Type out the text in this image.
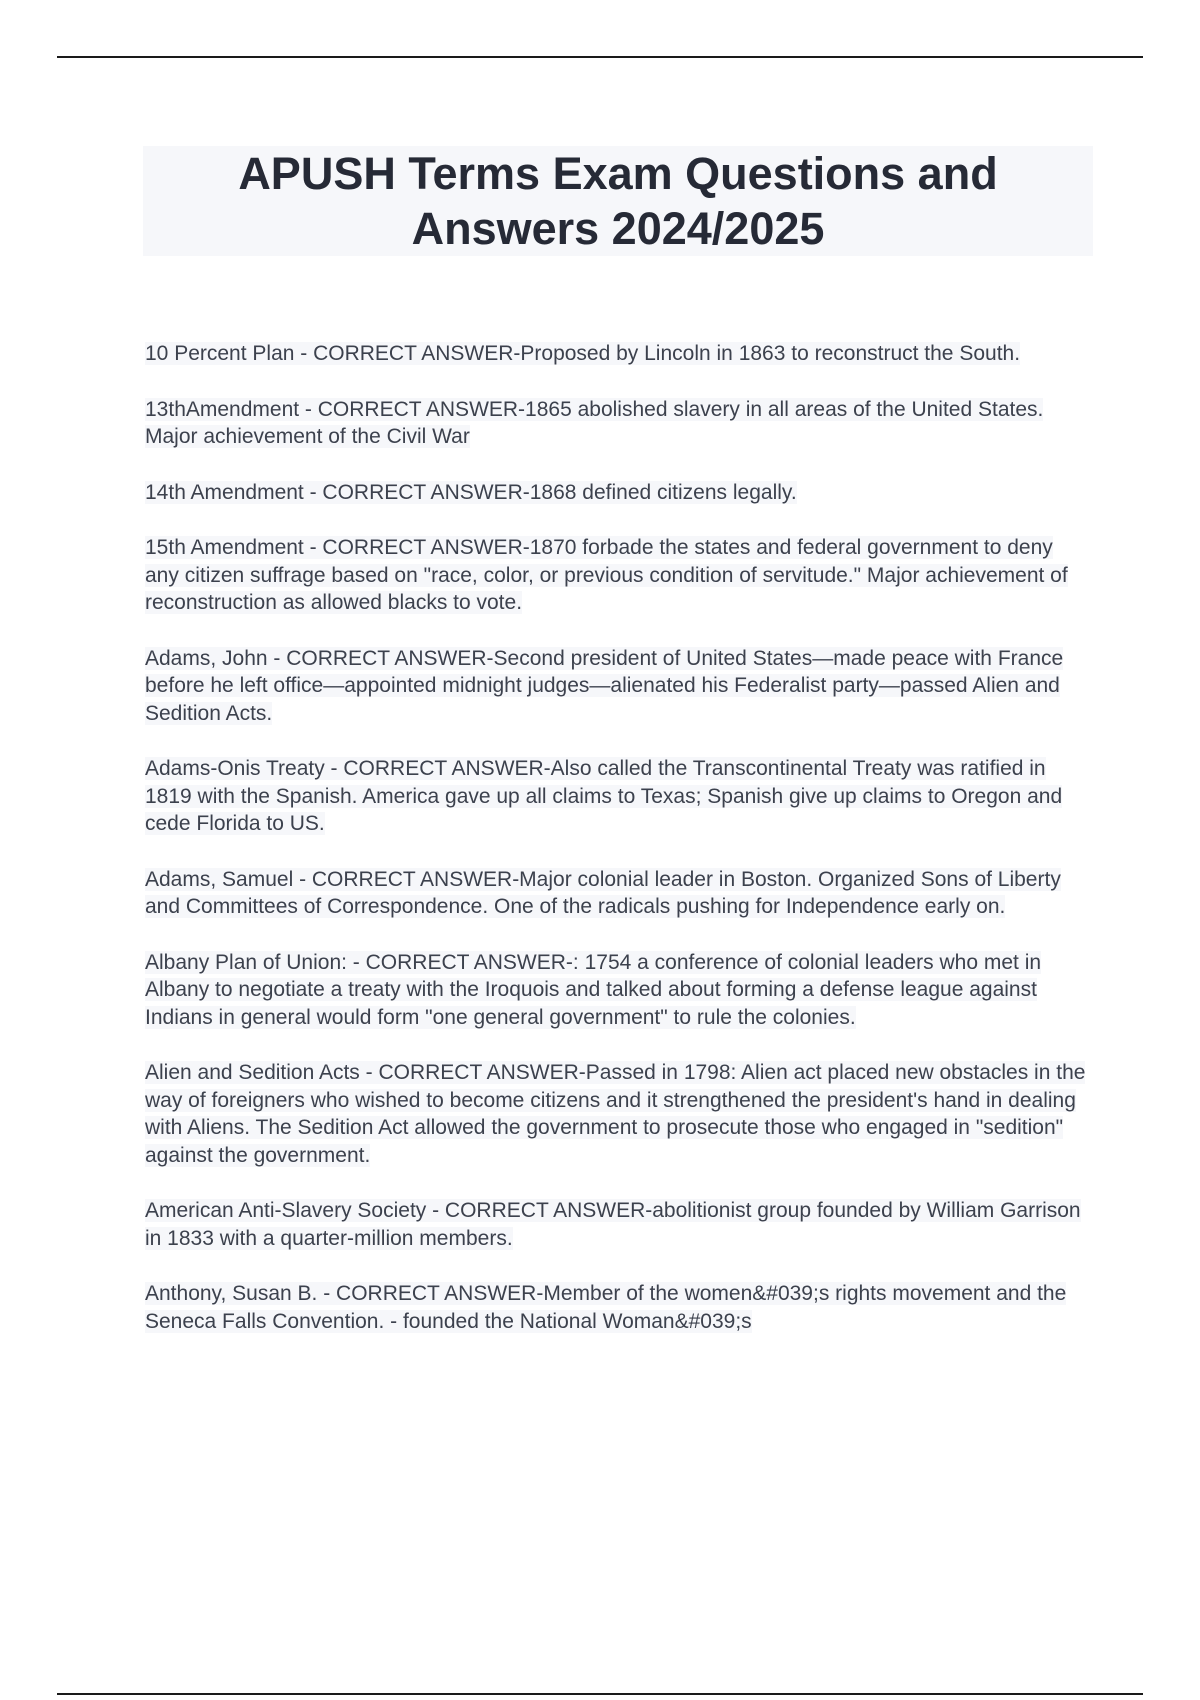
APUSH Terms Exam Questions and
Answers 2024/2025

10 Percent Plan - CORRECT ANSWER-Proposed by Lincoln in 1863 to reconstruct the South.

13thAmendment - CORRECT ANSWER-1865 abolished slavery in all areas of the United States. Major achievement of the Civil War

14th Amendment - CORRECT ANSWER-1868 defined citizens legally.

15th Amendment - CORRECT ANSWER-1870 forbade the states and federal government to deny any citizen suffrage based on "race, color, or previous condition of servitude." Major achievement of reconstruction as allowed blacks to vote.

Adams, John - CORRECT ANSWER-Second president of United States—made peace with France before he left office—appointed midnight judges—alienated his Federalist party—passed Alien and Sedition Acts.

Adams-Onis Treaty - CORRECT ANSWER-Also called the Transcontinental Treaty was ratified in 1819 with the Spanish. America gave up all claims to Texas; Spanish give up claims to Oregon and cede Florida to US.

Adams, Samuel - CORRECT ANSWER-Major colonial leader in Boston. Organized Sons of Liberty and Committees of Correspondence. One of the radicals pushing for Independence early on.

Albany Plan of Union: - CORRECT ANSWER-: 1754 a conference of colonial leaders who met in Albany to negotiate a treaty with the Iroquois and talked about forming a defense league against Indians in general would form "one general government" to rule the colonies.

Alien and Sedition Acts - CORRECT ANSWER-Passed in 1798: Alien act placed new obstacles in the way of foreigners who wished to become citizens and it strengthened the president's hand in dealing with Aliens. The Sedition Act allowed the government to prosecute those who engaged in "sedition" against the government.

American Anti-Slavery Society - CORRECT ANSWER-abolitionist group founded by William Garrison in 1833 with a quarter-million members.

Anthony, Susan B. - CORRECT ANSWER-Member of the women&#039;s rights movement and the Seneca Falls Convention. - founded the National Woman&#039;s
